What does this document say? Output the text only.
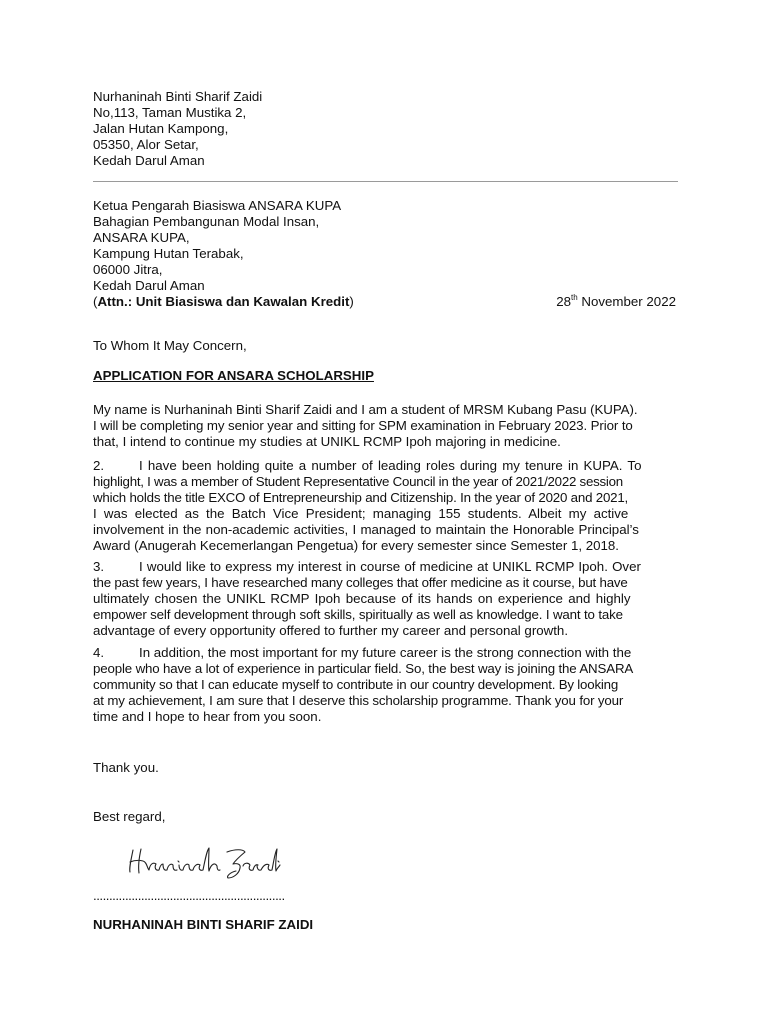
Nurhaninah Binti Sharif Zaidi
No,113, Taman Mustika 2,
Jalan Hutan Kampong,
05350, Alor Setar,
Kedah Darul Aman
Ketua Pengarah Biasiswa ANSARA KUPA
Bahagian Pembangunan Modal Insan,
ANSARA KUPA,
Kampung Hutan Terabak,
06000 Jitra,
Kedah Darul Aman
(Attn.: Unit Biasiswa dan Kawalan Kredit)	28th November 2022
To Whom It May Concern,
APPLICATION FOR ANSARA SCHOLARSHIP
My name is Nurhaninah Binti Sharif Zaidi and I am a student of MRSM Kubang Pasu (KUPA).
I will be completing my senior year and sitting for SPM examination in February 2023. Prior to
that, I intend to continue my studies at UNIKL RCMP Ipoh majoring in medicine.
2.	I have been holding quite a number of leading roles during my tenure in KUPA. To
highlight, I was a member of Student Representative Council in the year of 2021/2022 session
which holds the title EXCO of Entrepreneurship and Citizenship. In the year of 2020 and 2021,
I was elected as the Batch Vice President; managing 155 students. Albeit my active
involvement in the non-academic activities, I managed to maintain the Honorable Principal’s
Award (Anugerah Kecemerlangan Pengetua) for every semester since Semester 1, 2018.
3.	I would like to express my interest in course of medicine at UNIKL RCMP Ipoh. Over
the past few years, I have researched many colleges that offer medicine as it course, but have
ultimately chosen the UNIKL RCMP Ipoh because of its hands on experience and highly
empower self development through soft skills, spiritually as well as knowledge. I want to take
advantage of every opportunity offered to further my career and personal growth.
4.	In addition, the most important for my future career is the strong connection with the
people who have a lot of experience in particular field. So, the best way is joining the ANSARA
community so that I can educate myself to contribute in our country development. By looking
at my achievement, I am sure that I deserve this scholarship programme. Thank you for your
time and I hope to hear from you soon.
Thank you.
Best regard,
............................................................
NURHANINAH BINTI SHARIF ZAIDI
